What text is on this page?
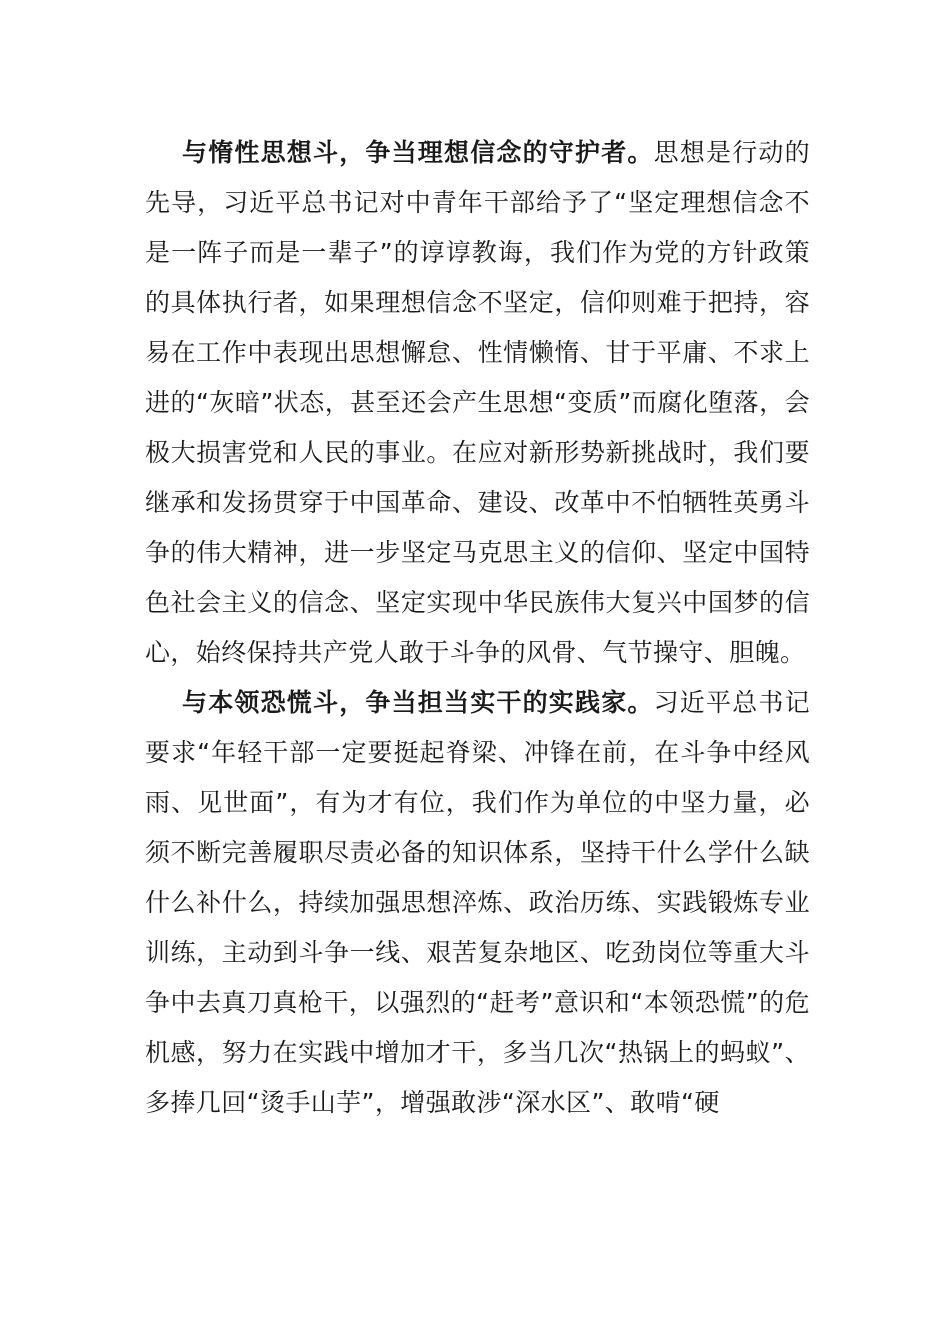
与惰性思想斗，争当理想信念的守护者。思想是行动的先导，习近平总书记对中青年干部给予了“坚定理想信念不是一阵子而是一辈子”的谆谆教诲，我们作为党的方针政策的具体执行者，如果理想信念不坚定，信仰则难于把持，容易在工作中表现出思想懈怠、性情懒惰、甘于平庸、不求上进的“灰暗”状态，甚至还会产生思想“变质”而腐化堕落，会极大损害党和人民的事业。在应对新形势新挑战时，我们要继承和发扬贯穿于中国革命、建设、改革中不怕牺牲英勇斗争的伟大精神，进一步坚定马克思主义的信仰、坚定中国特色社会主义的信念、坚定实现中华民族伟大复兴中国梦的信心，始终保持共产党人敢于斗争的风骨、气节操守、胆魄。

与本领恐慌斗，争当担当实干的实践家。习近平总书记要求“年轻干部一定要挺起脊梁、冲锋在前，在斗争中经风雨、见世面”，有为才有位，我们作为单位的中坚力量，必须不断完善履职尽责必备的知识体系，坚持干什么学什么缺什么补什么，持续加强思想淬炼、政治历练、实践锻炼专业训练，主动到斗争一线、艰苦复杂地区、吃劲岗位等重大斗争中去真刀真枪干，以强烈的“赶考”意识和“本领恐慌”的危机感，努力在实践中增加才干，多当几次“热锅上的蚂蚁”、多捧几回“烫手山芋”，增强敢涉“深水区”、敢啃“硬
